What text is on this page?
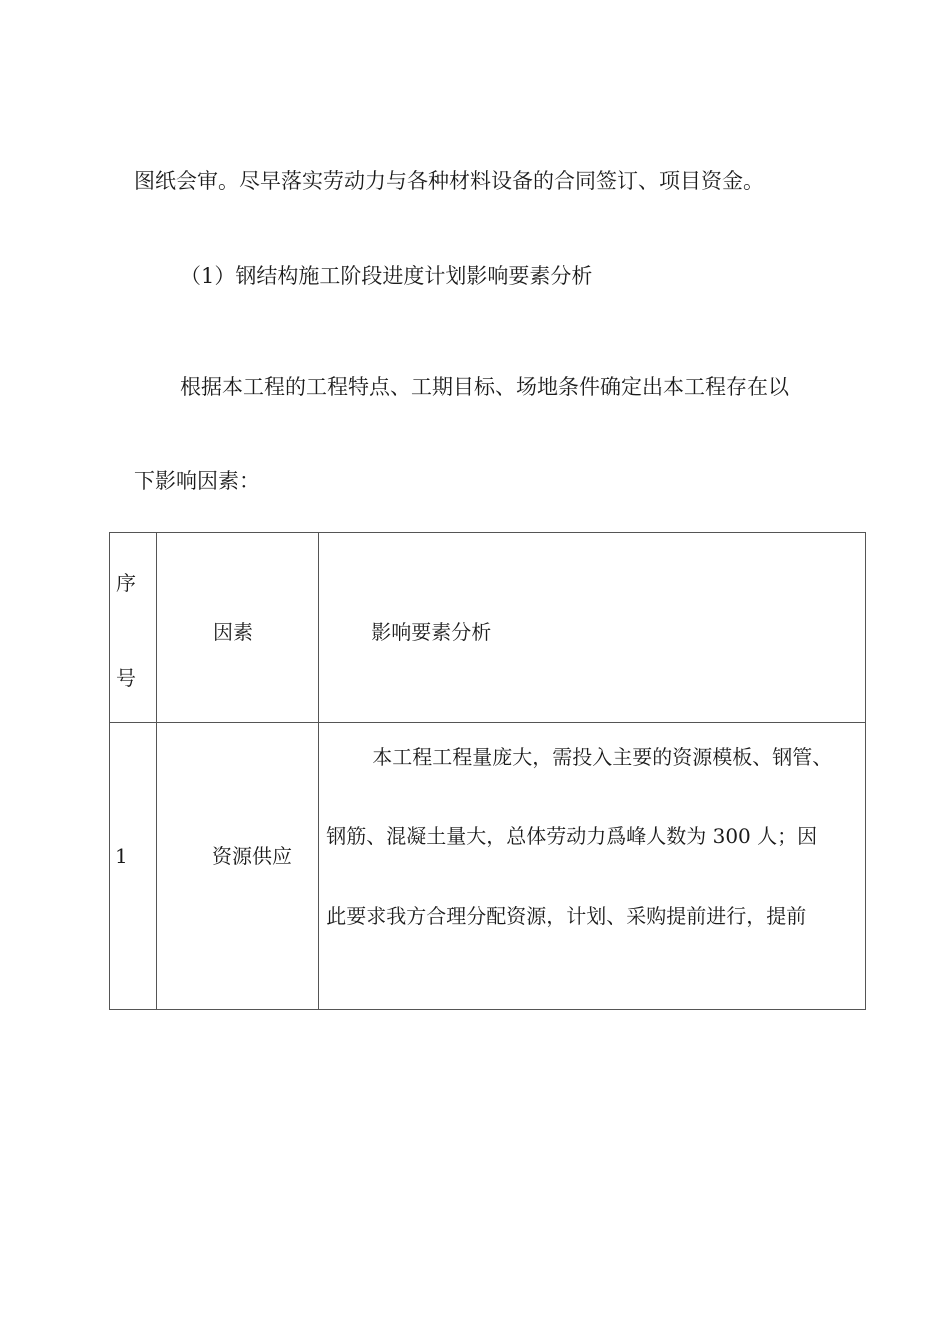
图纸会审。尽早落实劳动力与各种材料设备的合同签订、项目资金。

（1）钢结构施工阶段进度计划影响要素分析

根据本工程的工程特点、工期目标、场地条件确定出本工程存在以

下影响因素：

序
号	因素	影响要素分析

1	资源供应	本工程工程量庞大，需投入主要的资源模板、钢管、
钢筋、混凝土量大，总体劳动力爲峰人数为 300 人；因
此要求我方合理分配资源，计划、采购提前进行，提前
